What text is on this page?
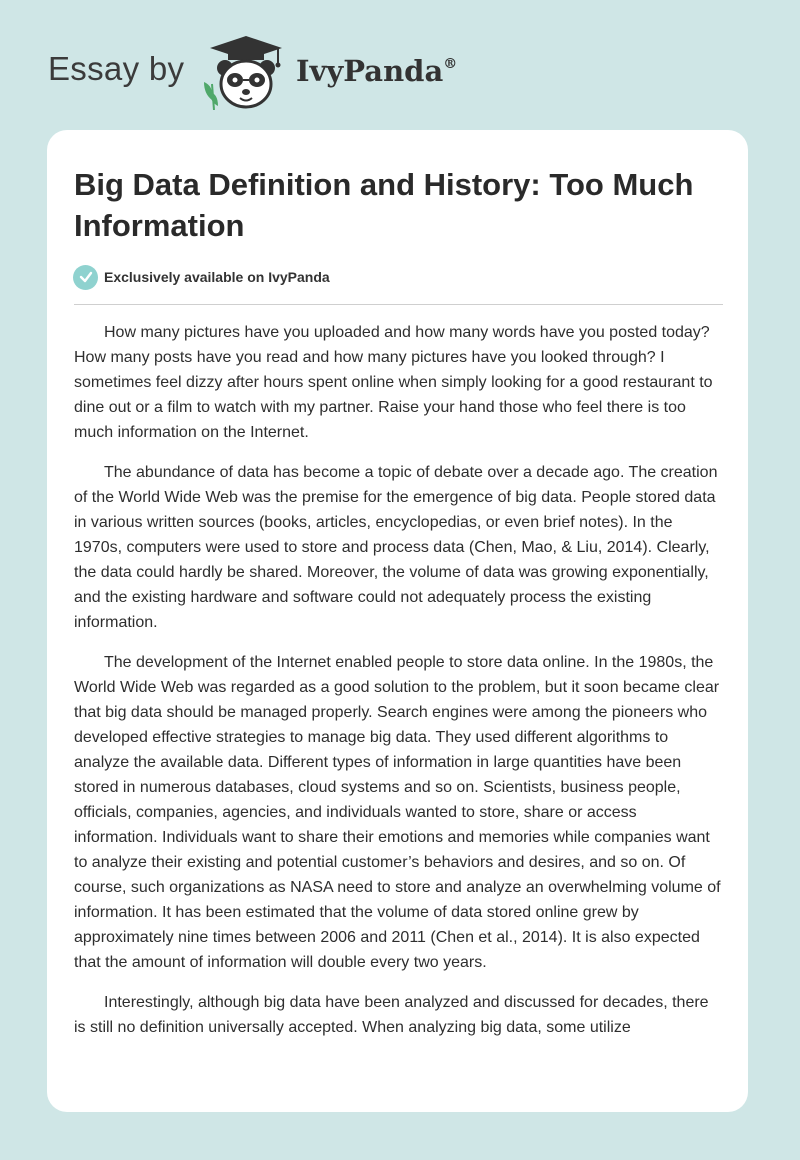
Essay by	IvyPanda®
Big Data Definition and History: Too Much Information
Exclusively available on IvyPanda

How many pictures have you uploaded and how many words have you posted today? How many posts have you read and how many pictures have you looked through? I sometimes feel dizzy after hours spent online when simply looking for a good restaurant to dine out or a film to watch with my partner. Raise your hand those who feel there is too much information on the Internet.

The abundance of data has become a topic of debate over a decade ago. The creation of the World Wide Web was the premise for the emergence of big data. People stored data in various written sources (books, articles, encyclopedias, or even brief notes). In the 1970s, computers were used to store and process data (Chen, Mao, & Liu, 2014). Clearly, the data could hardly be shared. Moreover, the volume of data was growing exponentially, and the existing hardware and software could not adequately process the existing information.

The development of the Internet enabled people to store data online. In the 1980s, the World Wide Web was regarded as a good solution to the problem, but it soon became clear that big data should be managed properly. Search engines were among the pioneers who developed effective strategies to manage big data. They used different algorithms to analyze the available data. Different types of information in large quantities have been stored in numerous databases, cloud systems and so on. Scientists, business people, officials, companies, agencies, and individuals wanted to store, share or access information. Individuals want to share their emotions and memories while companies want to analyze their existing and potential customer’s behaviors and desires, and so on. Of course, such organizations as NASA need to store and analyze an overwhelming volume of information. It has been estimated that the volume of data stored online grew by approximately nine times between 2006 and 2011 (Chen et al., 2014). It is also expected that the amount of information will double every two years.

Interestingly, although big data have been analyzed and discussed for decades, there is still no definition universally accepted. When analyzing big data, some utilize
